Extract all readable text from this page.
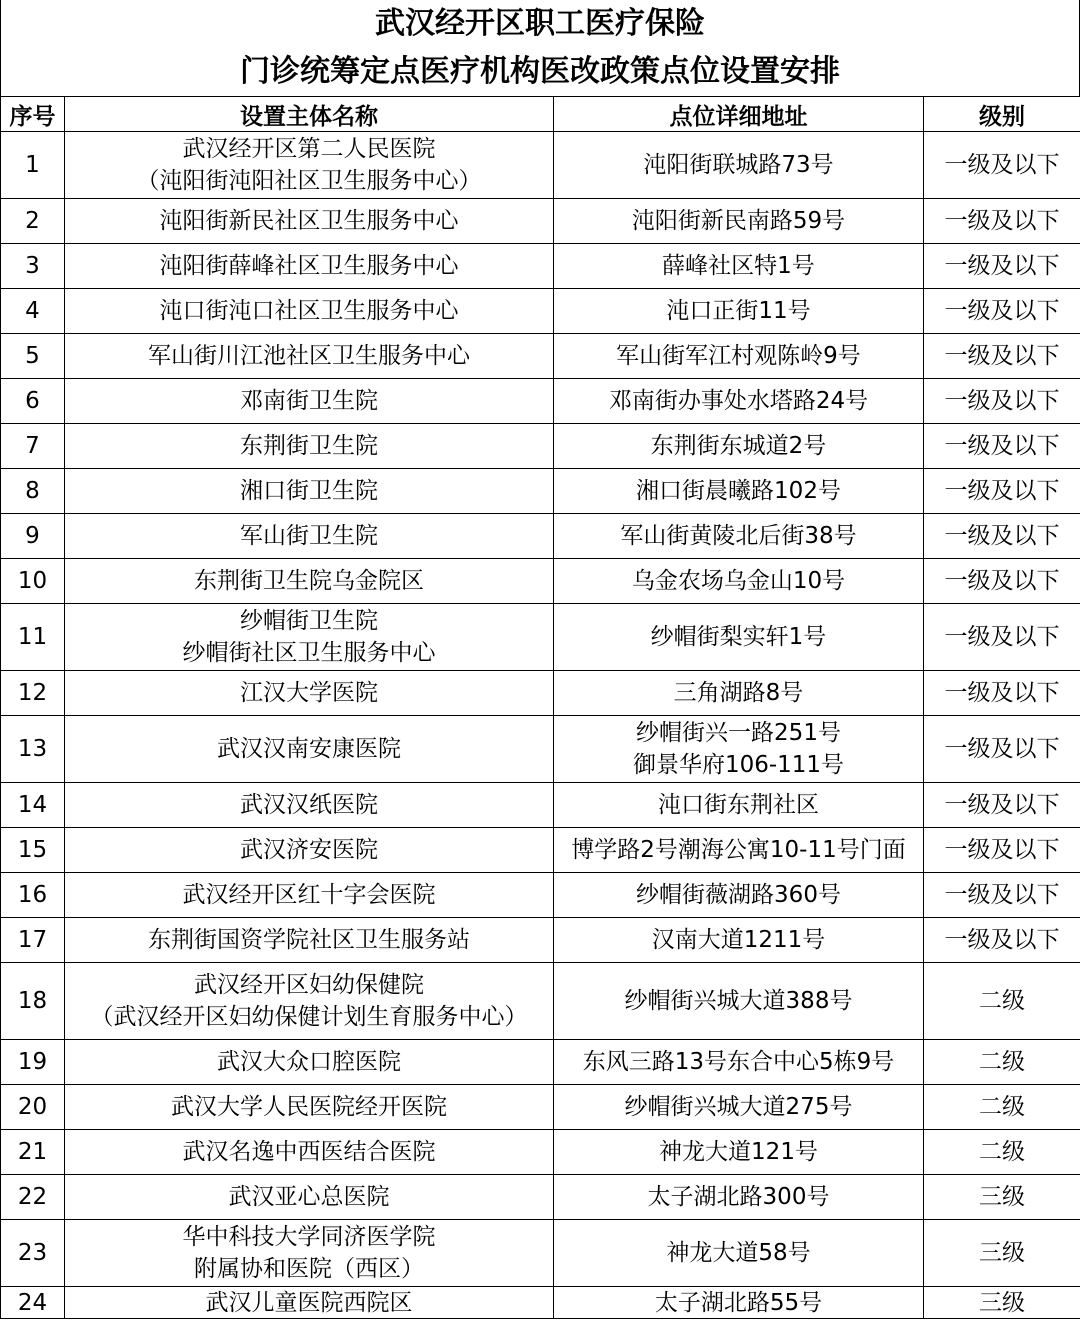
武汉经开区职工医疗保险
门诊统筹定点医疗机构医改政策点位设置安排
序号	设置主体名称	点位详细地址	级别

1	武汉经开区第二人民医院
（沌阳街沌阳社区卫生服务中心）	沌阳街联城路73号	一级及以下

2	沌阳街新民社区卫生服务中心	沌阳街新民南路59号	一级及以下

3	沌阳街薛峰社区卫生服务中心	薛峰社区特1号	一级及以下

4	沌口街沌口社区卫生服务中心	沌口正街11号	一级及以下

5	军山街川江池社区卫生服务中心	军山街军江村观陈岭9号	一级及以下

6	邓南街卫生院	邓南街办事处水塔路24号	一级及以下

7	东荆街卫生院	东荆街东城道2号	一级及以下

8	湘口街卫生院	湘口街晨曦路102号	一级及以下

9	军山街卫生院	军山街黄陵北后街38号	一级及以下

10	东荆街卫生院乌金院区	乌金农场乌金山10号	一级及以下

11	纱帽街卫生院
纱帽街社区卫生服务中心	纱帽街梨实轩1号	一级及以下

12	江汉大学医院	三角湖路8号	一级及以下

13	武汉汉南安康医院	纱帽街兴一路251号
御景华府106-111号	一级及以下

14	武汉汉纸医院	沌口街东荆社区	一级及以下

15	武汉济安医院	博学路2号潮海公寓10-11号门面	一级及以下

16	武汉经开区红十字会医院	纱帽街薇湖路360号	一级及以下

17	东荆街国资学院社区卫生服务站	汉南大道1211号	一级及以下

18	武汉经开区妇幼保健院
（武汉经开区妇幼保健计划生育服务中心）	纱帽街兴城大道388号	二级

19	武汉大众口腔医院	东风三路13号东合中心5栋9号	二级

20	武汉大学人民医院经开医院	纱帽街兴城大道275号	二级

21	武汉名逸中西医结合医院	神龙大道121号	二级

22	武汉亚心总医院	太子湖北路300号	三级

23	华中科技大学同济医学院
附属协和医院（西区）	神龙大道58号	三级

24	武汉儿童医院西院区	太子湖北路55号	三级
